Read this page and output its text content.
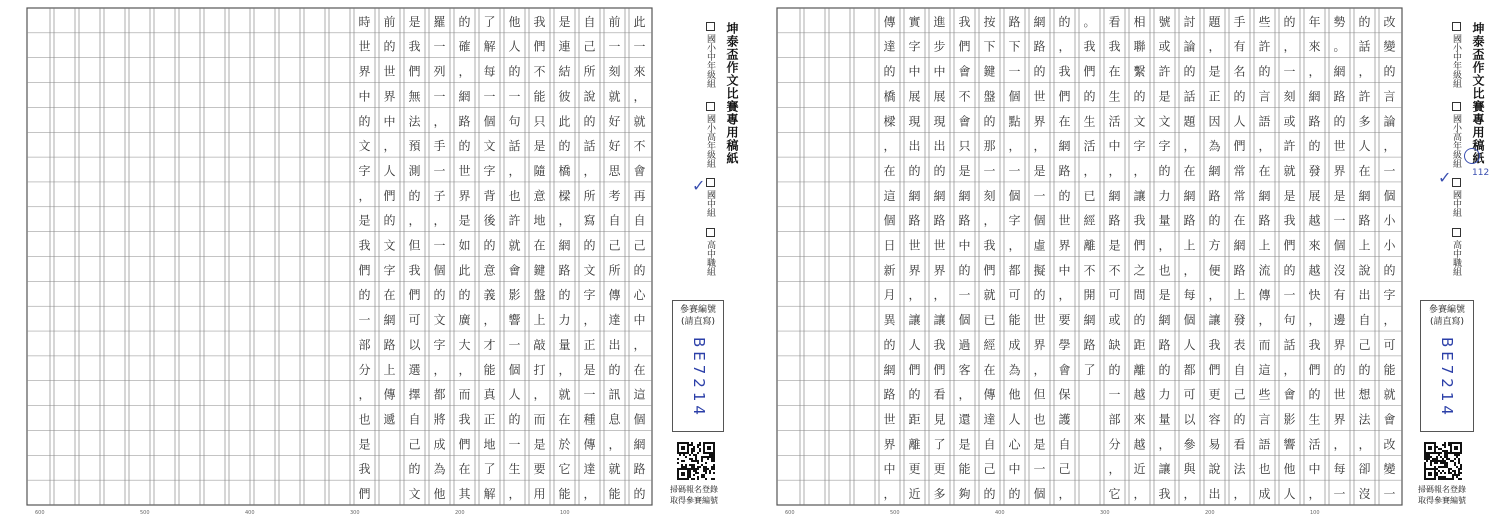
此
一
來
，
就
不
會
再
自
己
的
心
中
，
在
這
個
網
路
的
前
一
刻
就
好
好
思
考
自
己
所
傳
達
出
的
訊
息
，
就
能
自
己
所
說
的
話
，
所
寫
的
文
字
，
正
是
一
種
傳
達
，
是
連
結
彼
此
的
橋
樑
，
網
路
的
力
量
，
就
在
於
它
能
我
們
不
能
只
是
隨
意
地
在
鍵
盤
上
敲
打
，
而
是
要
用
他
人
的
一
句
話
，
也
許
就
會
影
響
一
個
人
的
一
生
，
了
解
每
一
個
文
字
背
後
的
意
義
，
才
能
真
正
地
了
解
的
確
，
網
路
的
世
界
是
如
此
的
廣
大
，
而
我
們
在
其
羅
一
列
一
，
手
一
子
，
一
個
的
文
字
，
都
將
成
為
他
是
我
們
無
法
預
測
的
，
但
我
們
可
以
選
擇
自
己
的
文
前
的
世
界
中
，
人
們
的
文
字
在
網
路
上
傳
遞
時
世
界
中
的
文
字
，
是
我
們
的
一
部
分
，
也
是
我
們
600	500	400	300	200	100
坤泰盃作文比賽專用稿紙
國小中年級組
國小高年級組
✓
國中組
高中職組
參賽編號
(請直寫)
BE7214
掃碼報名登錄
取得參賽編號
改
變
的
言
論
，
一
個
小
小
的
字
，
可
能
就
會
改
變
一
的
話
，
許
多
人
在
網
路
上
說
出
自
己
的
想
法
，
卻
沒
勢
。
網
路
的
世
界
是
一
個
沒
有
邊
界
的
世
界
，
每
一
年
來
，
網
路
的
發
展
越
來
越
快
，
我
們
的
生
活
中
，
的
，
一
刻
或
許
就
是
我
們
的
一
句
話
，
會
影
響
他
人
些
許
的
言
語
，
在
網
路
上
流
傳
，
而
這
些
言
語
也
成
手
有
名
的
人
們
常
常
在
網
路
上
發
表
自
己
的
看
法
，
題
，
是
正
因
為
網
路
的
方
便
，
讓
我
們
更
容
易
說
出
討
論
的
話
題
，
在
網
路
上
，
每
個
人
都
可
以
參
與
，
號
或
許
是
文
字
的
力
量
，
也
是
網
路
的
力
量
，
讓
我
相
聯
繫
的
文
字
，
讓
我
們
之
間
的
距
離
越
來
越
近
，
看
我
在
生
活
中
，
網
路
是
不
可
或
缺
的
一
部
分
，
它
。
我
們
的
生
活
，
已
經
離
不
開
網
路
了
的
，
我
們
在
網
路
的
世
界
中
，
要
學
會
保
護
自
己
，
網
路
的
世
界
，
是
一
個
虛
擬
的
世
界
，
但
也
是
一
個
路
下
一
個
點
，
一
個
字
，
都
可
能
成
為
他
人
心
中
的
按
下
鍵
盤
的
那
一
刻
，
我
們
就
已
經
在
傳
達
自
己
的
我
們
會
不
會
只
是
網
路
中
的
一
個
過
客
，
還
是
能
夠
進
步
中
展
現
出
的
網
路
世
界
，
讓
我
們
看
見
了
更
多
實
字
中
展
現
出
的
網
路
世
界
，
讓
人
們
的
距
離
更
近
傳
達
的
橋
樑
，
在
這
個
日
新
月
異
的
網
路
世
界
中
，
600	500	400	300	200	100
坤泰盃作文比賽專用稿紙
國小中年級組
國小高年級組
112
✓
國中組
高中職組
參賽編號
(請直寫)
BE7214
掃碼報名登錄
取得參賽編號
